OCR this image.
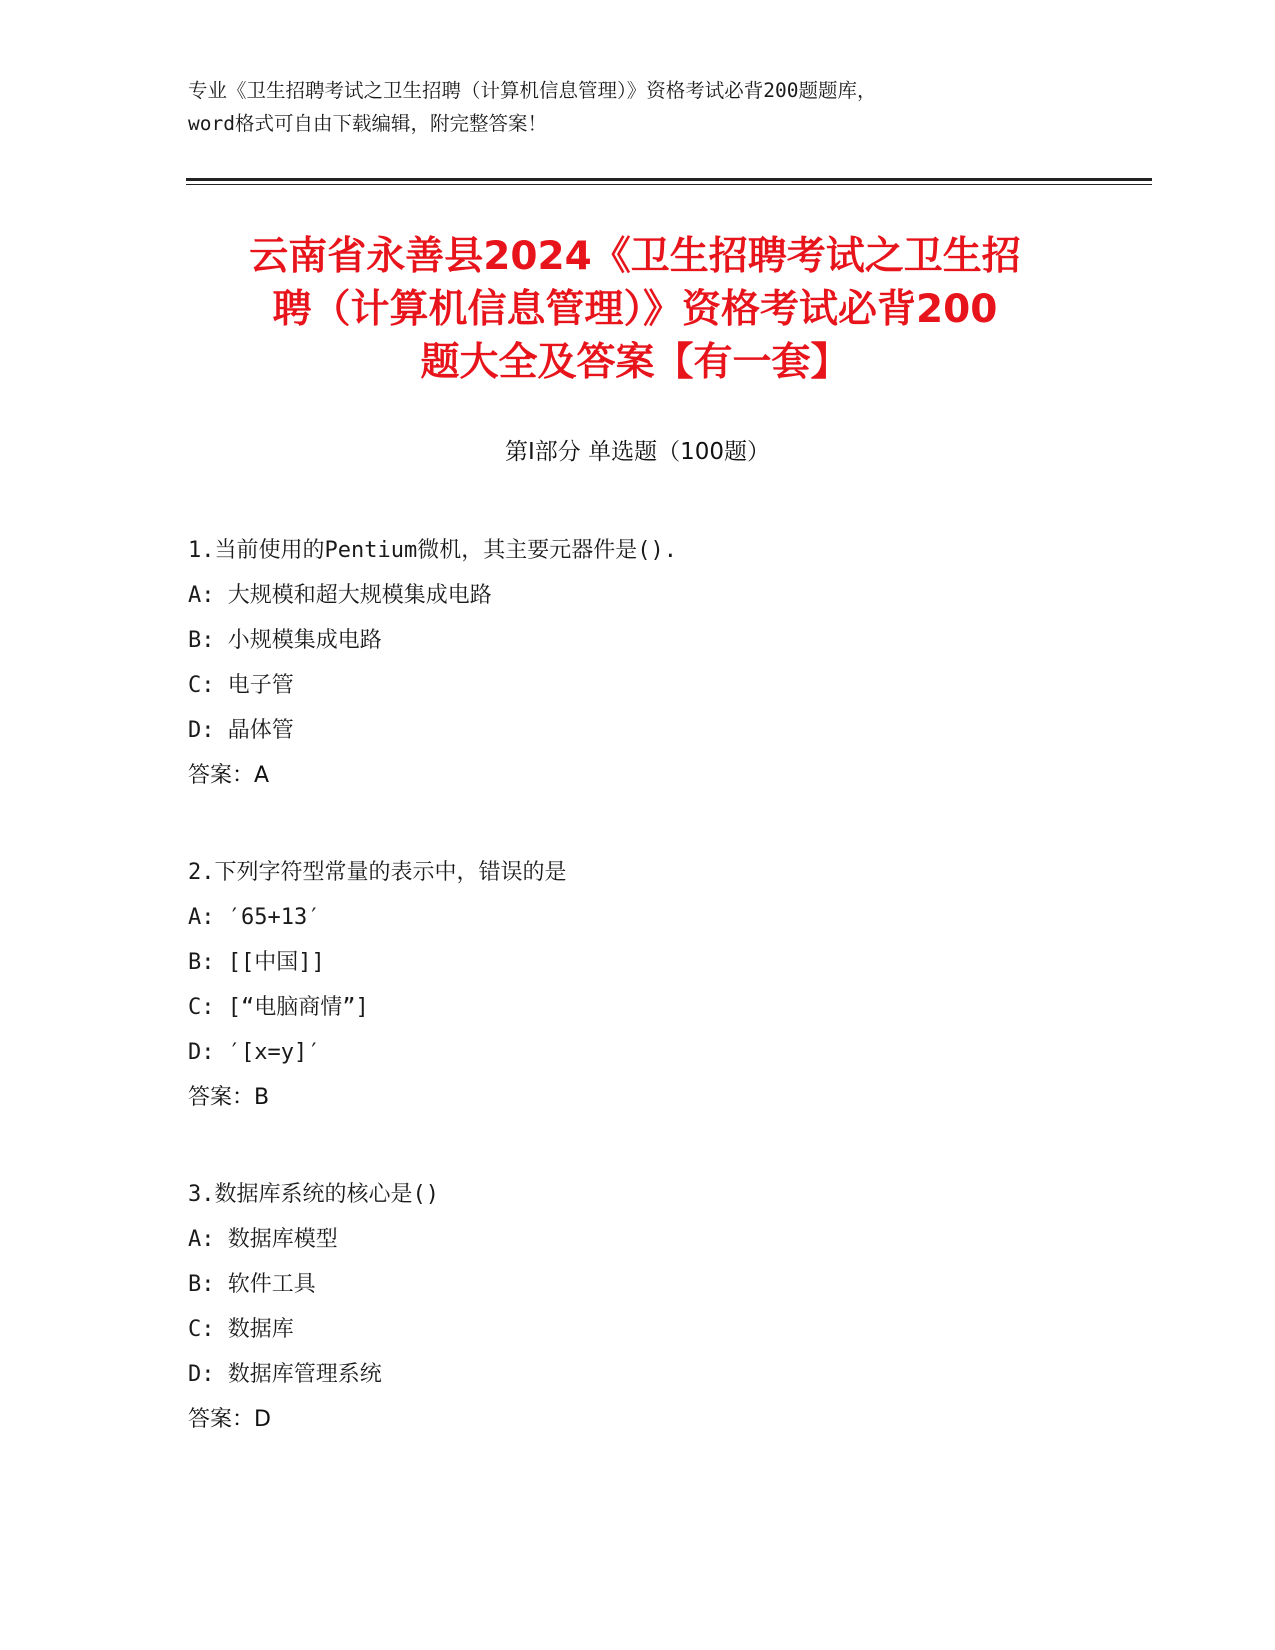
专业《卫生招聘考试之卫生招聘（计算机信息管理）》资格考试必背200题题库，
word格式可自由下载编辑，附完整答案！
云南省永善县2024《卫生招聘考试之卫生招
聘（计算机信息管理）》资格考试必背200
题大全及答案【有一套】
第I部分 单选题（100题）
1.当前使用的Pentium微机，其主要元器件是().
A: 大规模和超大规模集成电路
B: 小规模集成电路
C: 电子管
D: 晶体管
答案：A
2.下列字符型常量的表示中，错误的是
A: ′65+13′
B: [[中国]]
C: [“电脑商情”]
D: ′[x=y]′
答案：B
3.数据库系统的核心是()
A: 数据库模型
B: 软件工具
C: 数据库
D: 数据库管理系统
答案：D
